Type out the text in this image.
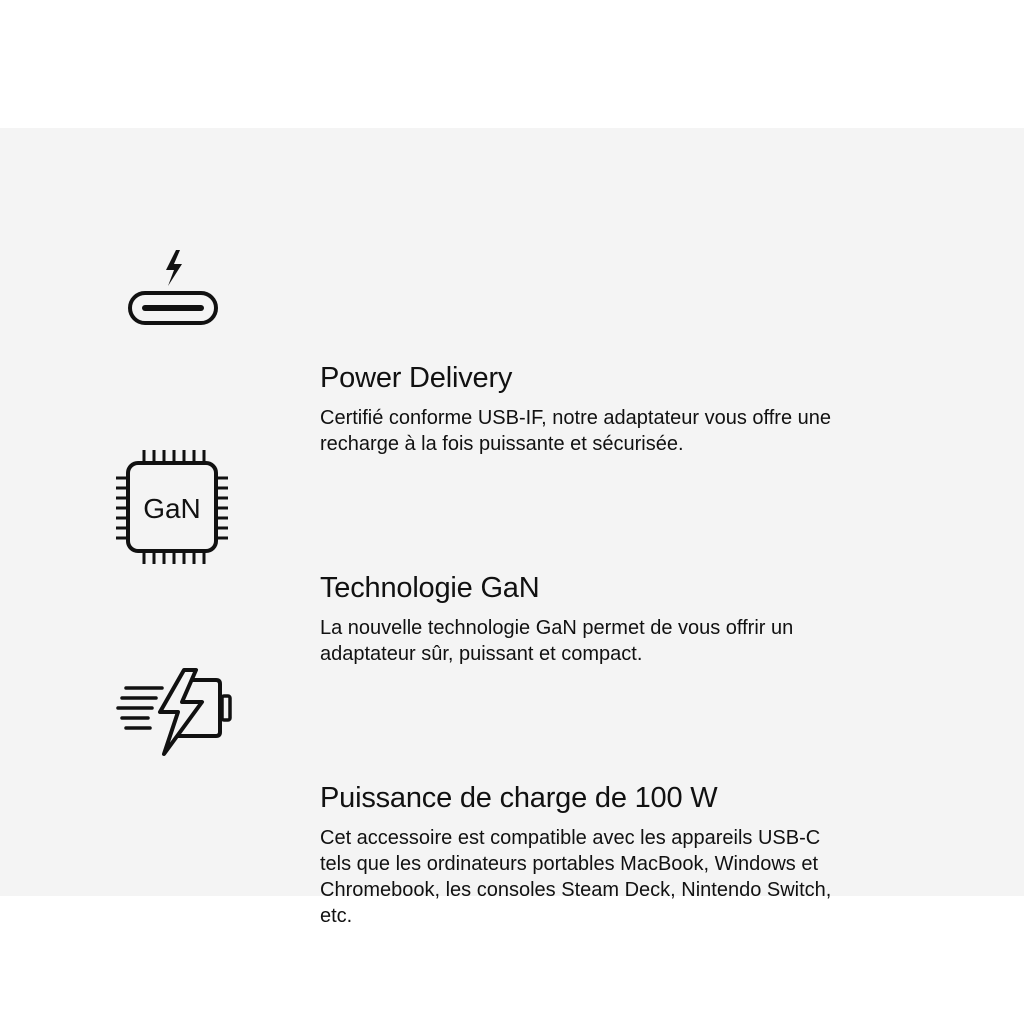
Power Delivery

Certifié conforme USB-IF, notre adaptateur vous offre une recharge à la fois puissante et sécurisée.

GaN
Technologie GaN

La nouvelle technologie GaN permet de vous offrir un adaptateur sûr, puissant et compact.

Puissance de charge de 100 W

Cet accessoire est compatible avec les appareils USB-C tels que les ordinateurs portables MacBook, Windows et Chromebook, les consoles Steam Deck, Nintendo Switch, etc.
